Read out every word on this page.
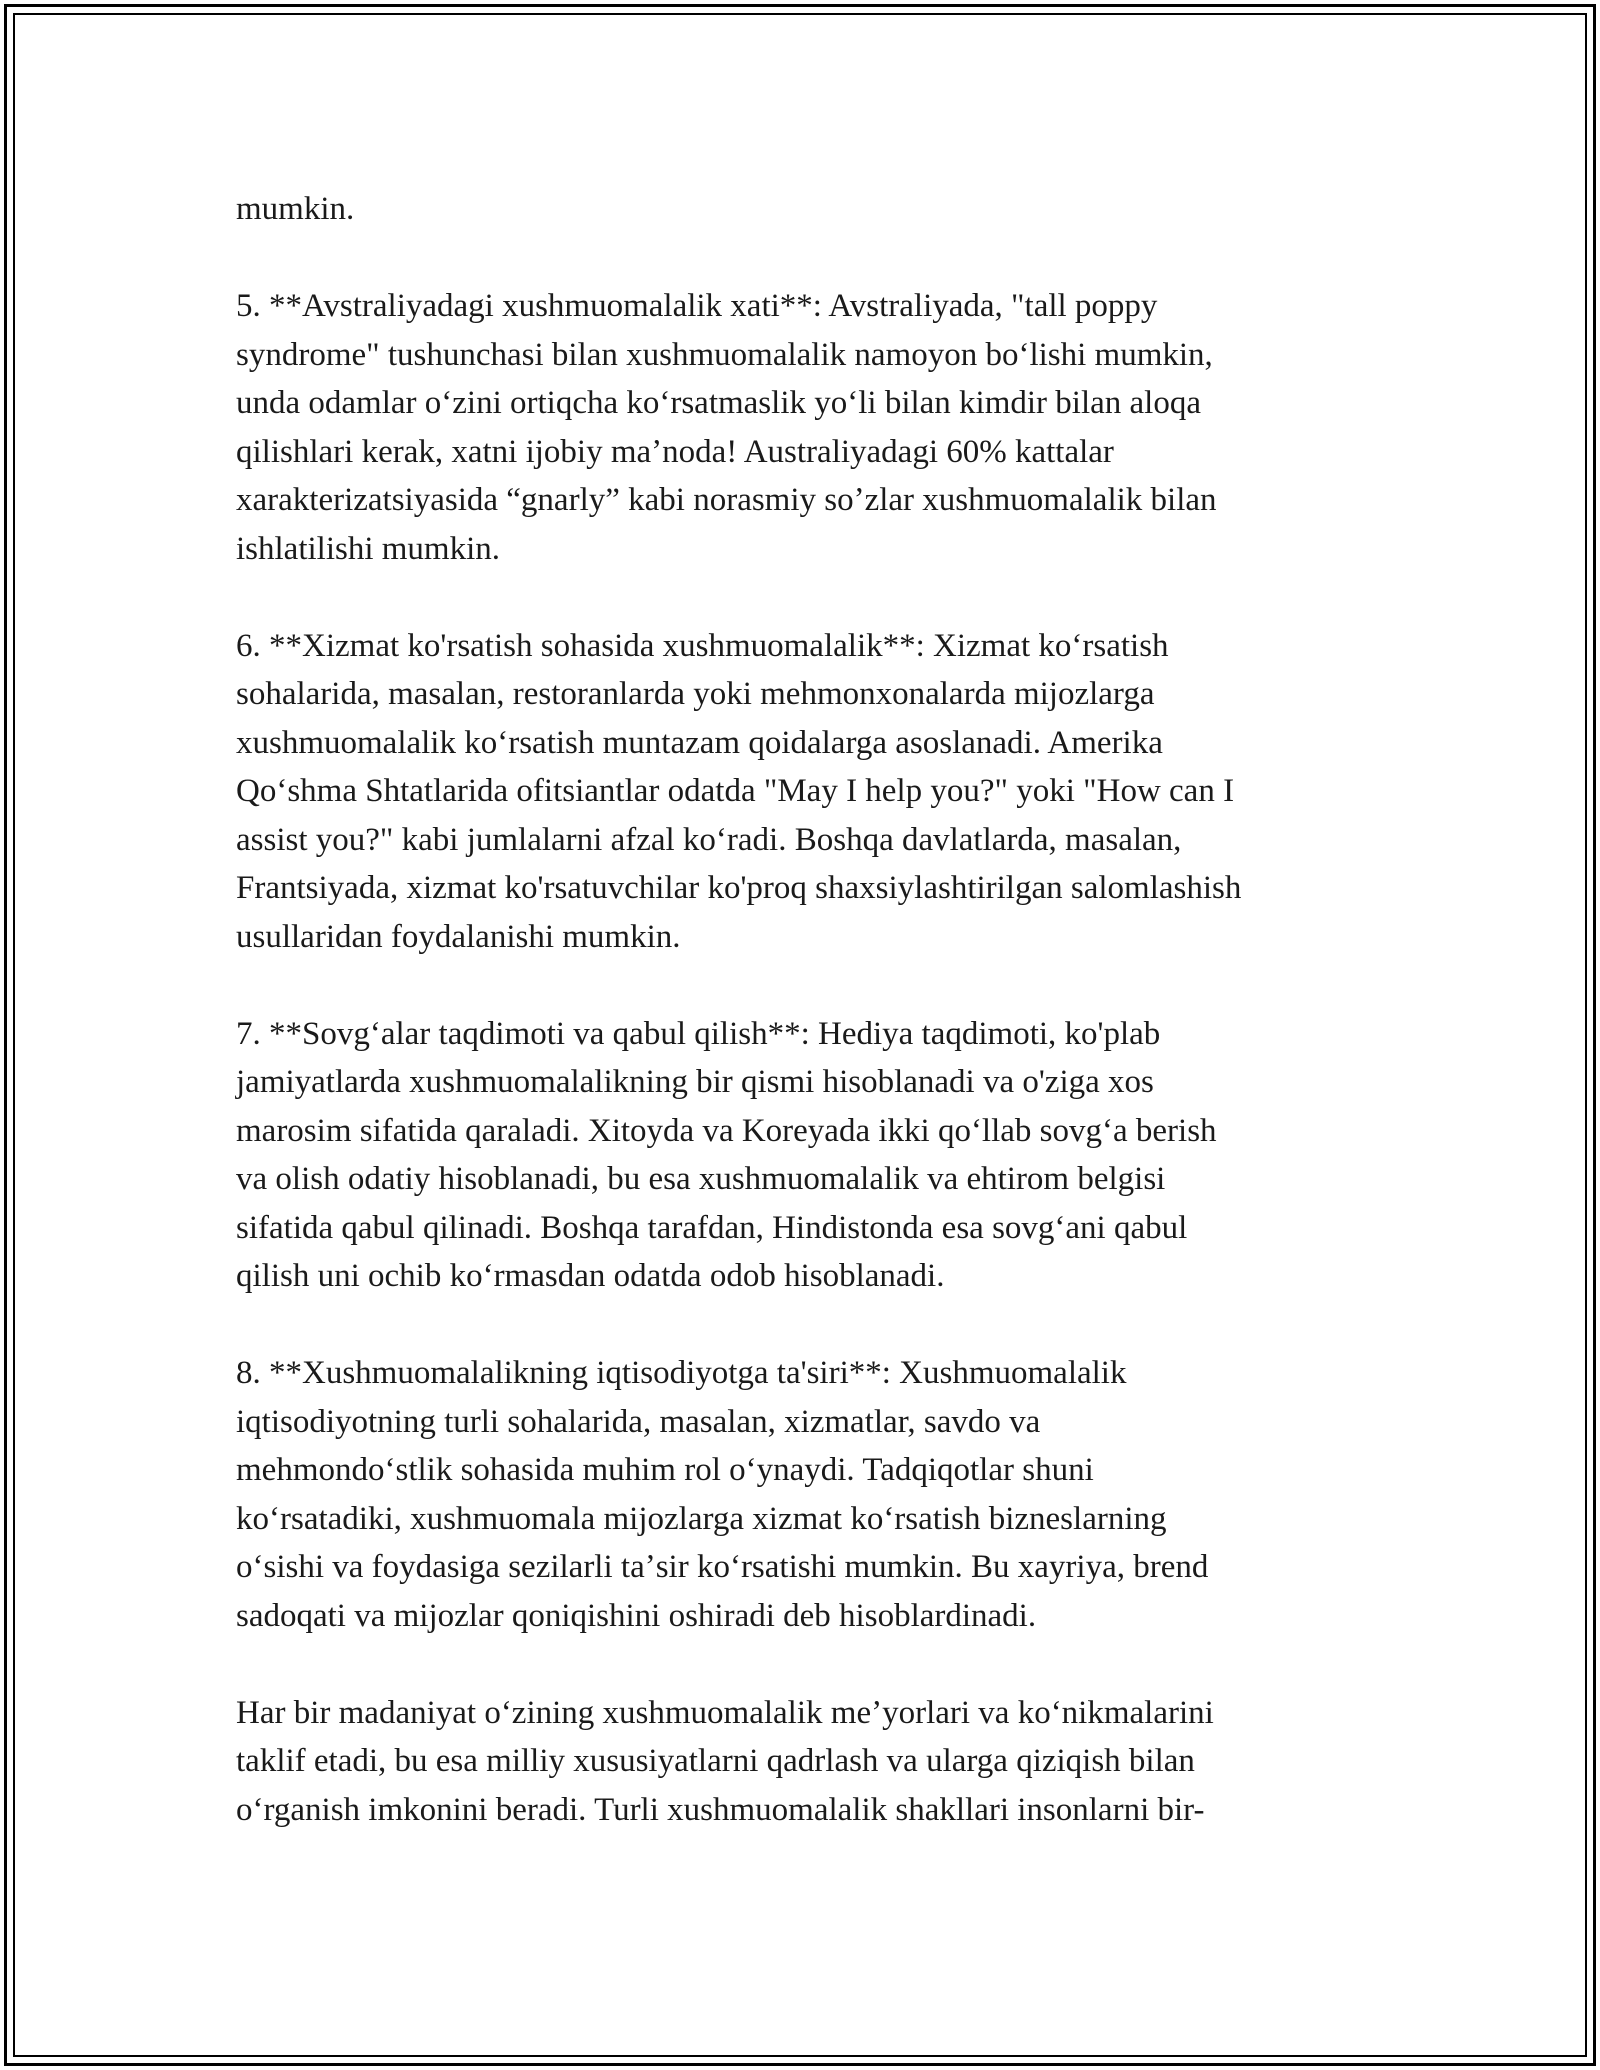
mumkin.

5. **Avstraliyadagi xushmuomalalik xati**: Avstraliyada, "tall poppy
syndrome" tushunchasi bilan xushmuomalalik namoyon boʻlishi mumkin,
unda odamlar oʻzini ortiqcha koʻrsatmaslik yoʻli bilan kimdir bilan aloqa
qilishlari kerak, xatni ijobiy maʼnoda! Australiyadagi 60% kattalar
xarakterizatsiyasida “gnarly” kabi norasmiy soʼzlar xushmuomalalik bilan
ishlatilishi mumkin.

6. **Xizmat ko'rsatish sohasida xushmuomalalik**: Xizmat koʻrsatish
sohalarida, masalan, restoranlarda yoki mehmonxonalarda mijozlarga
xushmuomalalik koʻrsatish muntazam qoidalarga asoslanadi. Amerika
Qoʻshma Shtatlarida ofitsiantlar odatda "May I help you?" yoki "How can I
assist you?" kabi jumlalarni afzal koʻradi. Boshqa davlatlarda, masalan,
Frantsiyada, xizmat ko'rsatuvchilar ko'proq shaxsiylashtirilgan salomlashish
usullaridan foydalanishi mumkin.

7. **Sovgʻalar taqdimoti va qabul qilish**: Hediya taqdimoti, ko'plab
jamiyatlarda xushmuomalalikning bir qismi hisoblanadi va o'ziga xos
marosim sifatida qaraladi. Xitoyda va Koreyada ikki qoʻllab sovgʻa berish
va olish odatiy hisoblanadi, bu esa xushmuomalalik va ehtirom belgisi
sifatida qabul qilinadi. Boshqa tarafdan, Hindistonda esa sovgʻani qabul
qilish uni ochib koʻrmasdan odatda odob hisoblanadi.

8. **Xushmuomalalikning iqtisodiyotga ta'siri**: Xushmuomalalik
iqtisodiyotning turli sohalarida, masalan, xizmatlar, savdo va
mehmondoʻstlik sohasida muhim rol oʻynaydi. Tadqiqotlar shuni
koʻrsatadiki, xushmuomala mijozlarga xizmat koʻrsatish bizneslarning
oʻsishi va foydasiga sezilarli taʼsir koʻrsatishi mumkin. Bu xayriya, brend
sadoqati va mijozlar qoniqishini oshiradi deb hisoblardinadi.

Har bir madaniyat oʻzining xushmuomalalik meʼyorlari va koʻnikmalarini
taklif etadi, bu esa milliy xususiyatlarni qadrlash va ularga qiziqish bilan
oʻrganish imkonini beradi. Turli xushmuomalalik shakllari insonlarni bir-
